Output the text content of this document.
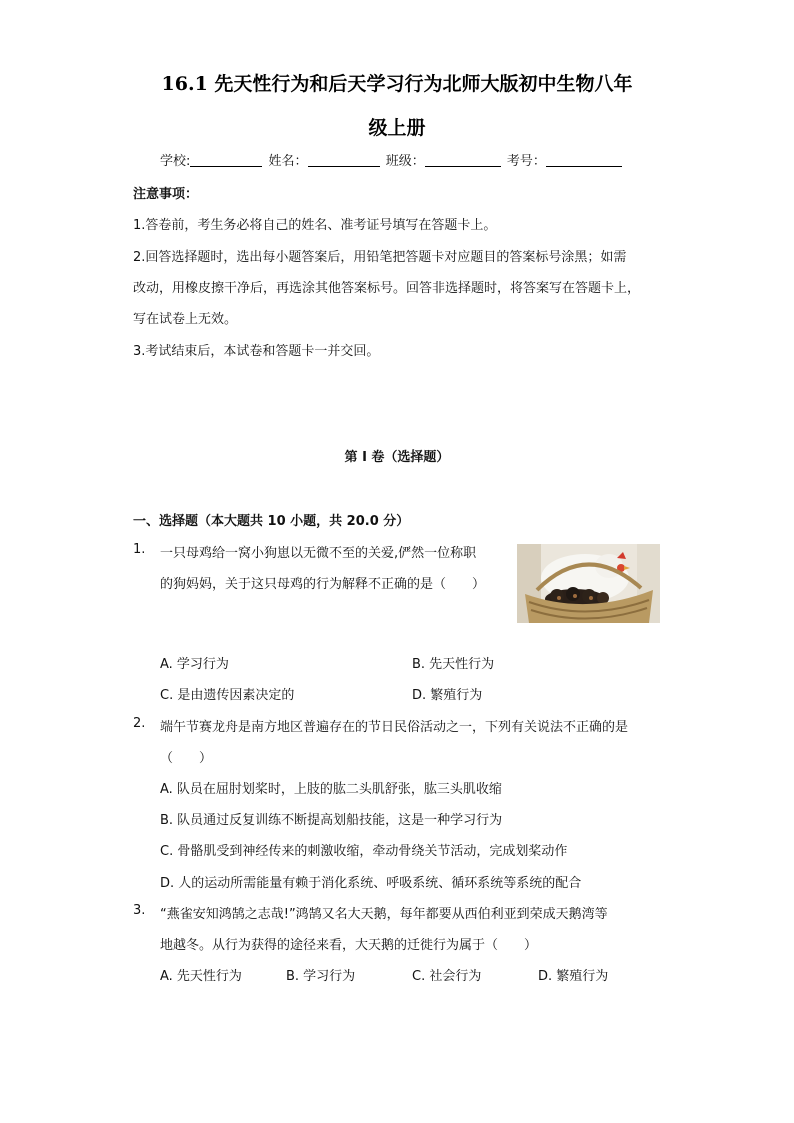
16.1 先天性行为和后天学习行为北师大版初中生物八年
级上册
学校:	姓名：	班级：	考号：
注意事项：
1.答卷前，考生务必将自己的姓名、准考证号填写在答题卡上。
2.回答选择题时，选出每小题答案后，用铅笔把答题卡对应题目的答案标号涂黑；如需
改动，用橡皮擦干净后，再选涂其他答案标号。回答非选择题时，将答案写在答题卡上，
写在试卷上无效。
3.考试结束后，本试卷和答题卡一并交回。
第 I 卷（选择题）
一、选择题（本大题共 10 小题，共 20.0 分）
1. 一只母鸡给一窝小狗崽以无微不至的关爱,俨然一位称职
的狗妈妈，关于这只母鸡的行为解释不正确的是（　　）
A. 学习行为	B. 先天性行为
C. 是由遗传因素决定的	D. 繁殖行为
2. 端午节赛龙舟是南方地区普遍存在的节日民俗活动之一，下列有关说法不正确的是
（　　）
A. 队员在屈肘划桨时，上肢的肱二头肌舒张，肱三头肌收缩
B. 队员通过反复训练不断提高划船技能，这是一种学习行为
C. 骨骼肌受到神经传来的刺激收缩，牵动骨绕关节活动，完成划桨动作
D. 人的运动所需能量有赖于消化系统、呼吸系统、循环系统等系统的配合
3. “燕雀安知鸿鹄之志哉!”鸿鹄又名大天鹅，每年都要从西伯利亚到荣成天鹅湾等
地越冬。从行为获得的途径来看，大天鹅的迁徙行为属于（　　）
A. 先天性行为	B. 学习行为	C. 社会行为	D. 繁殖行为
